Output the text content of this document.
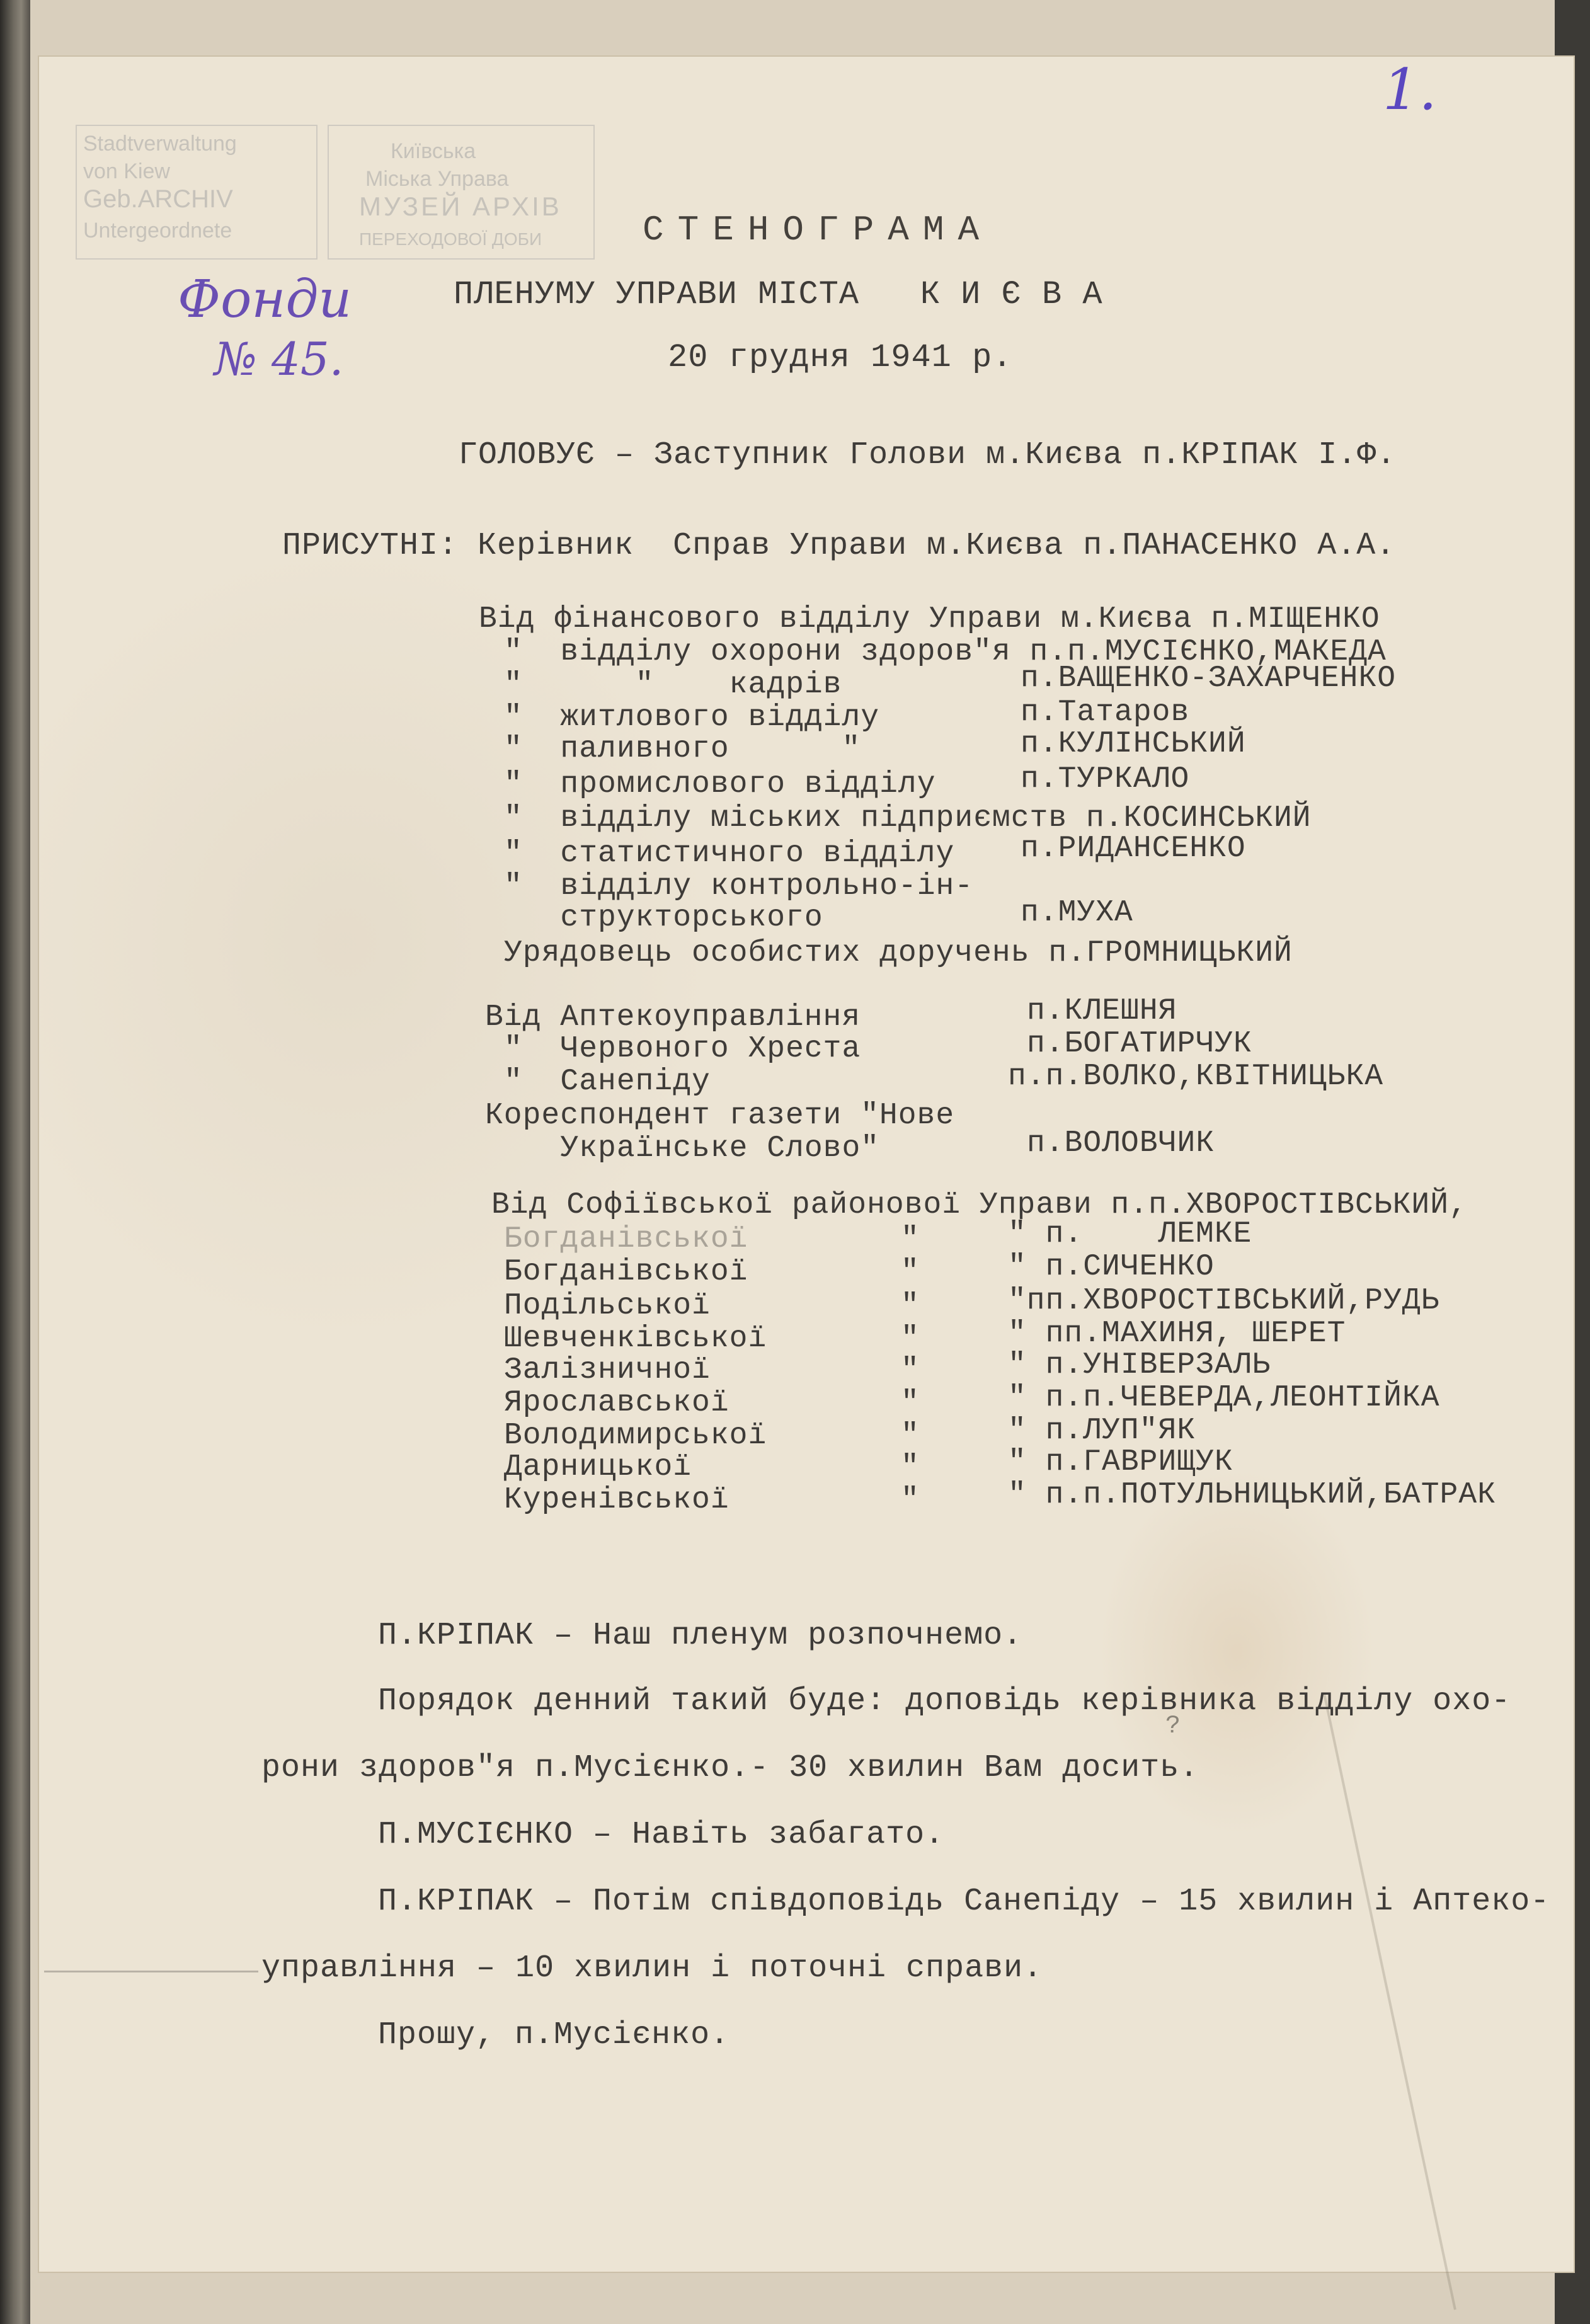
1.
Stadtverwaltung
von Kiew
Geb.ARCHIV
Untergeordnete
Київська
Міська Управа
МУЗЕЙ АРХІВ
ПЕРЕХОДОВОЇ ДОБИ
Фонди
№ 45.
СТЕНОГРАМА
ПЛЕНУМУ УПРАВИ МІСТА   К И Є В А
20 грудня 1941 р.
ГОЛОВУЄ – Заступник Голови м.Києва п.КРІПАК І.Ф.
ПРИСУТНІ: Керівник  Справ Управи м.Києва п.ПАНАСЕНКО А.А.
Від фінансового відділу Управи м.Києва п.МІЩЕНКО
"  відділу охорони здоров"я п.п.МУСІЄНКО,МАКЕДА
"      "    кадрів	п.ВАЩЕНКО-ЗАХАРЧЕНКО
"  житлового відділу	п.Татаров
"  паливного      "	п.КУЛІНСЬКИЙ
"  промислового відділу	п.ТУРКАЛО
"  відділу міських підприємств п.КОСИНСЬКИЙ
"  статистичного відділу п.РИДАНСЕНКО
"  відділу контрольно-ін-
структорського	п.МУХА
Урядовець особистих доручень п.ГРОМНИЦЬКИЙ
Від Аптекоуправління	п.КЛЕШНЯ
"  Червоного Хреста	п.БОГАТИРЧУК
"  Санепіду	п.п.ВОЛКО,КВІТНИЦЬКА
Кореспондент газети "Нове
Українське Слово"	п.ВОЛОВЧИК
Від Софіївської районової Управи п.п.ХВОРОСТІВСЬКИЙ,
Богданівської	"	" п.    ЛЕМКЕ
Богданівської	"	" п.СИЧЕНКО
Подільської	"	"пп.ХВОРОСТІВСЬКИЙ,РУДЬ
Шевченківської	"	" пп.МАХИНЯ, ШЕРЕТ
Залізничної	"	" п.УНІВЕРЗАЛЬ
Ярославської	"	" п.п.ЧЕВЕРДА,ЛЕОНТІЙКА
Володимирської	"	" п.ЛУП"ЯК
Дарницької	"	" п.ГАВРИЩУК
Куренівської	"	" п.п.ПОТУЛЬНИЦЬКИЙ,БАТРАК
П.КРІПАК – Наш пленум розпочнемо.
Порядок денний такий буде: доповідь керівника відділу охо-
рони здоров"я п.Мусієнко.- 30 хвилин Вам досить.
П.МУСІЄНКО – Навіть забагато.
П.КРІПАК – Потім співдоповідь Санепіду – 15 хвилин і Аптеко-
управління – 10 хвилин і поточні справи.
Прошу, п.Мусієнко.
?
